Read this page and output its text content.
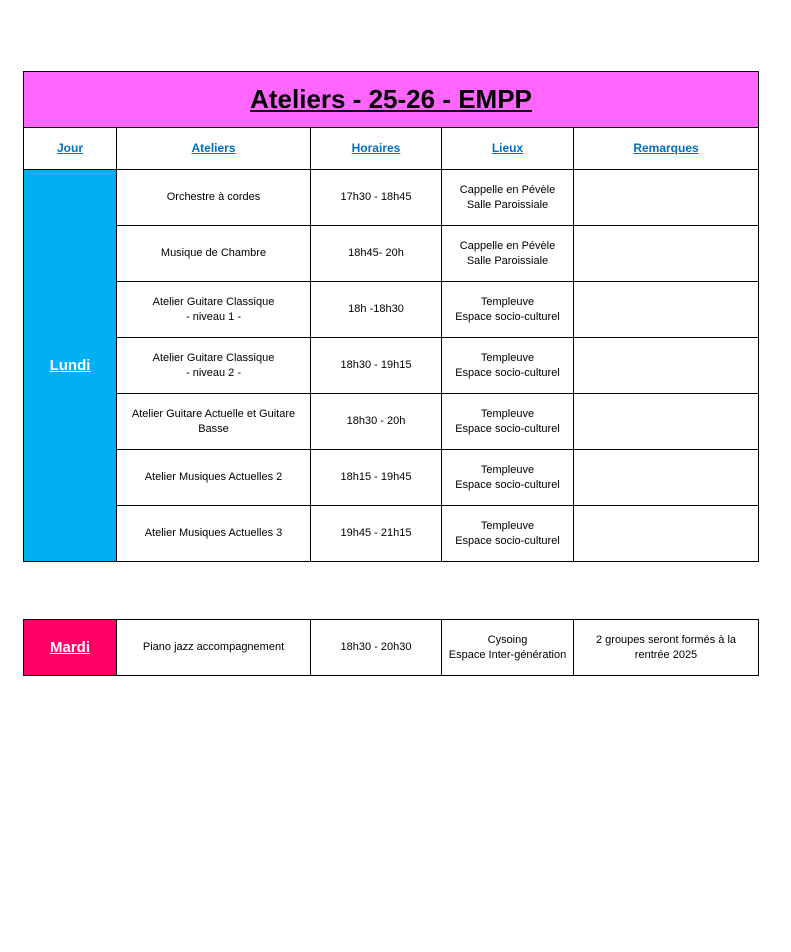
Ateliers - 25-26 - EMPP				
Jour	Ateliers	Horaires	Lieux	Remarques
Lundi	Orchestre à cordes	17h30 - 18h45	Cappelle en Pévèle
Salle Paroissiale	

	Musique de Chambre	18h45- 20h	Cappelle en Pévèle
Salle Paroissiale	

	Atelier Guitare Classique
- niveau 1 -	18h -18h30	Templeuve
Espace socio-culturel	

	Atelier Guitare Classique
- niveau 2 -	18h30 - 19h15	Templeuve
Espace socio-culturel	

	Atelier Guitare Actuelle et Guitare
Basse	18h30 - 20h	Templeuve
Espace socio-culturel	

	Atelier Musiques Actuelles 2	18h15 - 19h45	Templeuve
Espace socio-culturel	

	Atelier Musiques Actuelles 3	19h45 - 21h15	Templeuve
Espace socio-culturel	

Mardi	Piano jazz accompagnement	18h30 - 20h30	
Cysoing
Espace Inter-génération
	2 groupes seront formés à la rentrée 2025
